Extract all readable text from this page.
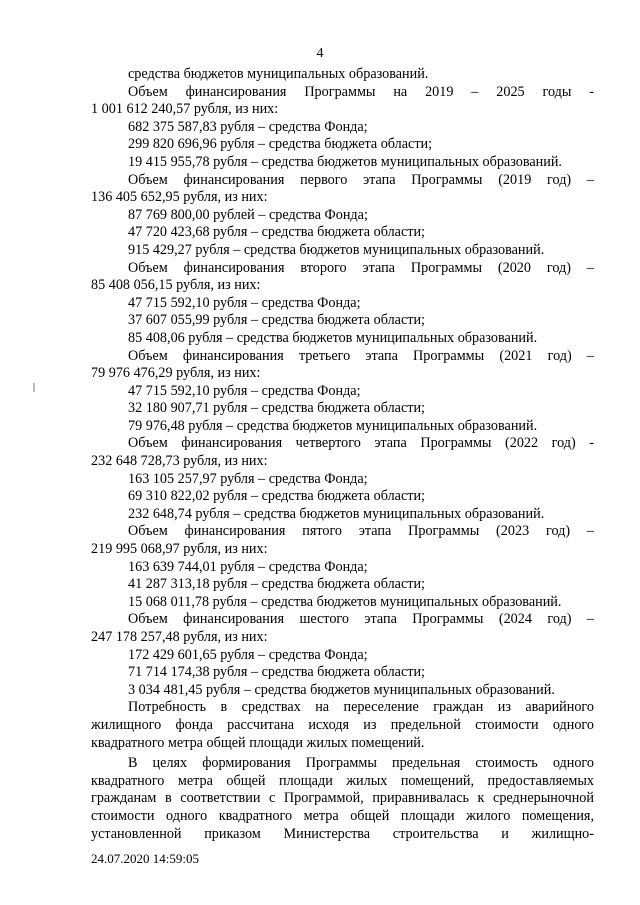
4
средства бюджетов муниципальных образований.
Объем финансирования Программы на 2019 – 2025 годы -
1 001 612 240,57 рубля, из них:
682 375 587,83 рубля – средства Фонда;
299 820 696,96 рубля – средства бюджета области;
19 415 955,78 рубля – средства бюджетов муниципальных образований.
Объем финансирования первого этапа Программы (2019 год) –
136 405 652,95 рубля, из них:
87 769 800,00 рублей – средства Фонда;
47 720 423,68 рубля – средства бюджета области;
915 429,27 рубля – средства бюджетов муниципальных образований.
Объем финансирования второго этапа Программы (2020 год) –
85 408 056,15 рубля, из них:
47 715 592,10 рубля – средства Фонда;
37 607 055,99 рубля – средства бюджета области;
85 408,06 рубля – средства бюджетов муниципальных образований.
Объем финансирования третьего этапа Программы (2021 год) –
79 976 476,29 рубля, из них:
47 715 592,10 рубля – средства Фонда;
32 180 907,71 рубля – средства бюджета области;
79 976,48 рубля – средства бюджетов муниципальных образований.
Объем финансирования четвертого этапа Программы (2022 год) -
232 648 728,73 рубля, из них:
163 105 257,97 рубля – средства Фонда;
69 310 822,02 рубля – средства бюджета области;
232 648,74 рубля – средства бюджетов муниципальных образований.
Объем финансирования пятого этапа Программы (2023 год) –
219 995 068,97 рубля, из них:
163 639 744,01 рубля – средства Фонда;
41 287 313,18 рубля – средства бюджета области;
15 068 011,78 рубля – средства бюджетов муниципальных образований.
Объем финансирования шестого этапа Программы (2024 год) –
247 178 257,48 рубля, из них:
172 429 601,65 рубля – средства Фонда;
71 714 174,38 рубля – средства бюджета области;
3 034 481,45 рубля – средства бюджетов муниципальных образований.
Потребность в средствах на переселение граждан из аварийного
жилищного фонда рассчитана исходя из предельной стоимости одного
квадратного метра общей площади жилых помещений.
В целях формирования Программы предельная стоимость одного
квадратного метра общей площади жилых помещений, предоставляемых
гражданам в соответствии с Программой, приравнивалась к среднерыночной
стоимости одного квадратного метра общей площади жилого помещения,
установленной приказом Министерства строительства и жилищно-
24.07.2020 14:59:05
